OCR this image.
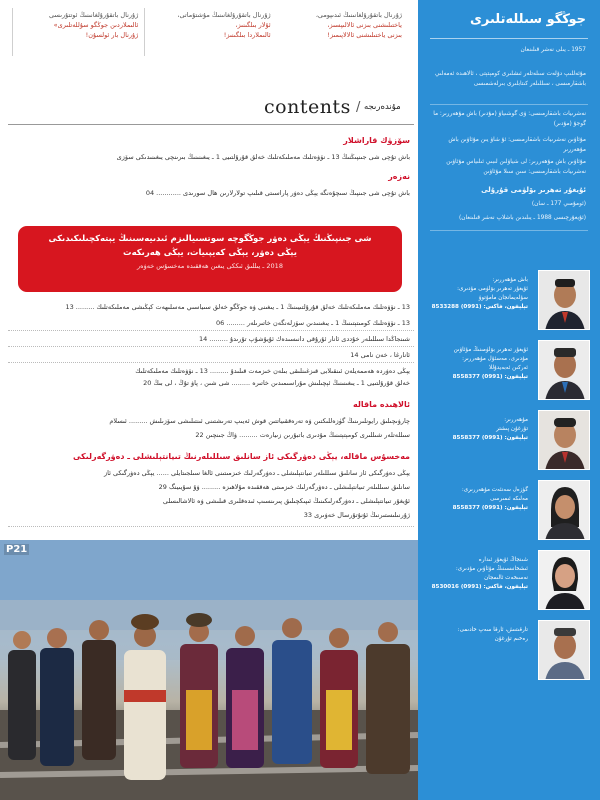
ژۇرنال باتقۇرۇلغانىنىڭ ئوتتۇرىسى
ئالىملاردىن جوڭگو سۇللەتلىرى»
ژۇرنال بار ئولسۇن!
ژۇرنال باتقۇرۇلغانىنىڭ مۇشتۇماتى،
ئۇلار بىلگىنىز،
ئالىملاردا بىلگىنىز!
ژۇرنال باتقۇرۇلغانىنىڭ ئىدىپومى،
ياختىلىشنى بىزنى ئالالىپسىز،
بىزنى ياختىلىشنى ئالالاپىمىز!
contents / مۇندەرىجە
سۆزۈك قاراشلار
باش تۇچى شى جىنپىڭنىڭ 13 ـ نۆۋەتلىك مەملىكەتلىك خەلق قۇرۇلتىيى 1 ـ يىغىنىنىڭ بىرىنچى يىغىنىدىكى سۆزى
نەزەر
باش تۇچى شى جىنپىڭ سىچۇەنگە يېڭى دەۋر پاراسىتى قىلىپ تولارلارىن ھال سورىدى ............ 04
شى جىنپىڭنىڭ يېڭى دەۋر جوڭگوچە سوتسىيالىزم ئىدىيەسىنىڭ يېتەكچىلىكىدىكى
يېڭى دەۋر، يېڭى كەيپىيات، يېڭى ھەرىكەت
2018 ـ يىللىق ئىككى يىغىن ھەققىدە مەخسۇس خەۋەر
13 ـ نۆۋەتلىك مەملىكەتلىك خەلق قۇرۇلتىيىنىڭ 1 ـ يىغىنى ۋە جوڭگو خەلق سىياسىي مەسلىھەت كېڭىشى مەملىكەتلىك ......... 13
13 ـ نۆۋەتلىك كومىتېتىنىڭ 1 ـ يىغىنىدىن سۆزلەنگەن خاتىرىلەر ......... 06
شىنجاڭدا سىللىلەر خۇددى ئانار ئۇرۇقى دانىسىدەك ئۇيۇشۇپ تۇرىدۇ ......... 14
ئانارغا ، خەن نامى 14
يېڭى دەۋردە ھەممەيلەن ئىنقىلابى قىزغىنلىقى بىلەن خىزمەت قىلىدۇ ......... 13 ـ نۆۋەتلىك مەملىكەتلىك
خەلق قۇرۇلتىيى 1 ـ يىغىنىنىڭ ئېچىلىش مۇراسىمىدىن خاتىرە ......... شى شىن ، پاۋ تۇڭ ، لى بىڭ 20
ئالاھىدە ماقالە
چارۋىچىلىق رايونلىرىنىڭ گۈزەللىكتىن ۋە تەرەققىياتتىن قوش ئەيىپ تەرىشتىنى ئىنتىلىشى سۆزىلىش ......... ئىسلام
سىللەتلەر شىللىرى كومېتېتىنىڭ مۇدىرى باتبۇرىن زىيارەت ......... ۋاڭ جىنچىن 22
مەخسۇس ماقالە، يېڭى دەۋرگىكى ئاز سانلىق سىللىلەرنىڭ تىيانتېلىشلى ـ دەۋرگەرلىكى
يېڭى دەۋرگىكى ئاز سانلىق سىللىلەر تىيانتېلىشلى ـ دەۋرگەرلىك خىزمىتىنى ئالغا سىلجىتايلى ...... يېڭى دەۋرگىكى ئاز
سانلىق سىللىلەر تىيانتېلىشلى ـ دەۋرگەرلىك خىزمىتى ھەققىدە مۇلاھىزە ......... ۋۇ سۇيىينگ 29
ئۇيغۇر تىيانتېلىشلى ـ دەۋرگەرلىكىنىڭ ئىپىكچىلىق پىرىنسىپ ئىدەقلىرى قىلىشى ۋە ئالاشالىسلى
ژۇرنىلىستىرنىڭ ئۇنۇتۇرسال خەۋىرى 33
P21
جوڭگو سىللەتلىرى
1957 ـ يىلى نەشر قىلىنغان
مۇئەللىپ دۆلەت سىلەتلەر ئىشلىرى كومېتېتى ، ئالاھىدە ئەمەلىي باشقارمىسى ، سىللىلەر كىتابلىرى بىرلەشمىسى
نەشرىيات باشقارمىسى: ۋى گوشىياۋ (مۇدىر) باش مۇھەررىر: ما گوجۇ (مۇدىر)
مۇئاۋىن نەشرىيات باشقارمىسى: ئۇ شاۋ يىن مۇئاۋىن باش مۇھەررىر
مۇئاۋىن باش مۇھەررىر: لى شياۋلىن لىبىي ئىلىياس مۇئاۋىن نەشرىيات باشقارمىسى: سىن سىلا مۇئاۋىن
ئۇيغۇر تەھرىر بۆلۈمى قۇرۇلى
(ئومۇمىي 177 ـ سان)
(ئۇيغۇرچىسى 1988 ـ يىلىدىن باشلاپ نەشر قىلىنغان)
باش مۇھەررىر:
ئۇيغۇر تەھرىر بۆلۈمى مۇدىرى:
سۇلەيمانجان مامۇتوۋ
تېلېفون، فاكس: (0991) 8533288
ئۇيغۇر تەھرىر بۆلۈمىنىڭ مۇئاۋىن
مۇدىرى، مەسئۇل مۇھەررىر:
ئەركىن ئەبەيدۇللا
تېلېفون: (0991) 8558377
مۇھەررىر:
تۇرغۇن پىشتر
تېلېفون: (0991) 8558377
گۈزەل سەنئەت مۇھەررىرى:
مەلىكە ئىمىرسى
تېلېفون: (0991) 8558377
شىنجاڭ ئۇيغۇر ئىدارە
ئىشخانىسىنىڭ مۇئاۋىن مۇدىرى:
نەسىخەت ئالىمجان
تېلېفون، فاكس: (0991) 8530016
تارقىتىش، ئارقا سەپ خادىمى:
رەخىم تۇرغۇن
